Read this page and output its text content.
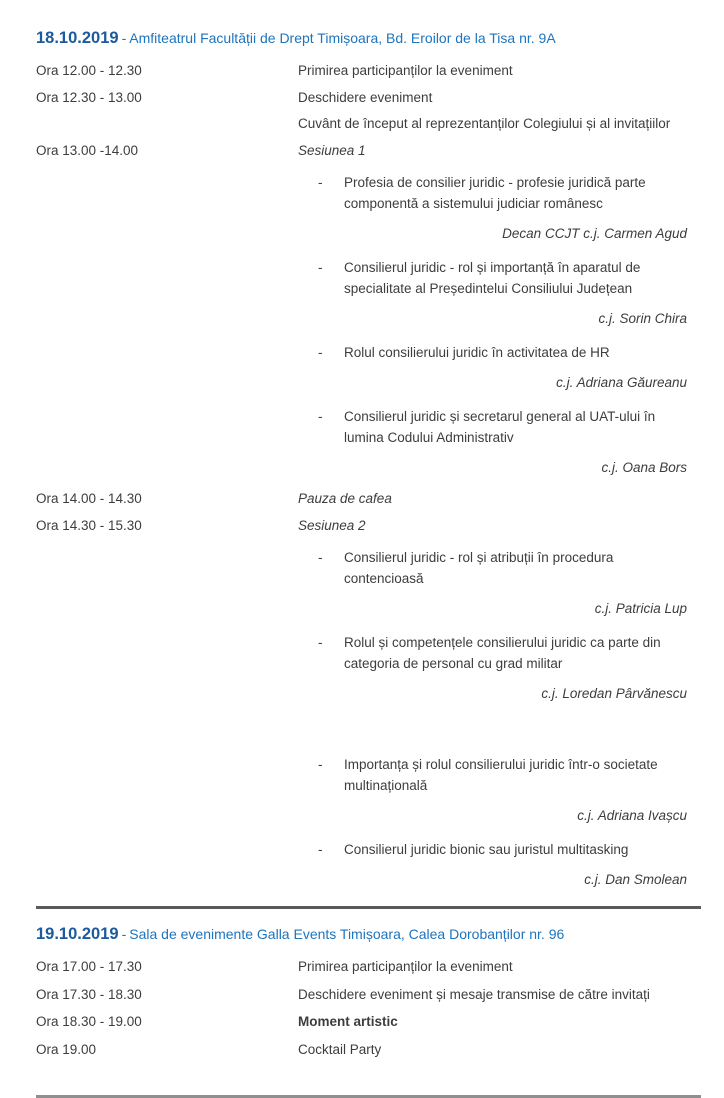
18.10.2019 - Amfiteatrul Facultății de Drept Timișoara, Bd. Eroilor de la Tisa nr. 9A
Ora 12.00 - 12.30	Primirea participanților la eveniment
Ora 12.30 - 13.00	Deschidere eveniment
Cuvânt de început al reprezentanților Colegiului și al invitațiilor
Ora 13.00 -14.00	Sesiunea 1
-	Profesia de consilier juridic - profesie juridică parte componentă a sistemului judiciar românesc
Decan CCJT c.j. Carmen Agud
-	Consilierul juridic - rol și importanță în aparatul de specialitate al Președintelui Consiliului Județean
c.j. Sorin Chira
-	Rolul consilierului juridic în activitatea de HR
c.j. Adriana Găureanu
-	Consilierul juridic și secretarul general al UAT-ului în lumina Codului Administrativ
c.j. Oana Bors
Ora 14.00 - 14.30	Pauza de cafea
Ora 14.30 - 15.30	Sesiunea 2
-	Consilierul juridic - rol și atribuții în procedura contencioasă
c.j. Patricia Lup
-	Rolul și competențele consilierului juridic ca parte din categoria de personal cu grad militar
c.j. Loredan Pârvănescu
-	Importanța și rolul consilierului juridic într-o societate multinațională
c.j. Adriana Ivașcu
-	Consilierul juridic bionic sau juristul multitasking
c.j. Dan Smolean
19.10.2019 - Sala de evenimente Galla Events Timișoara, Calea Dorobanților nr. 96
Ora 17.00 - 17.30	Primirea participanților la eveniment
Ora 17.30 - 18.30	Deschidere eveniment și mesaje transmise de către invitați
Ora 18.30 - 19.00	Moment artistic
Ora 19.00	Cocktail Party
